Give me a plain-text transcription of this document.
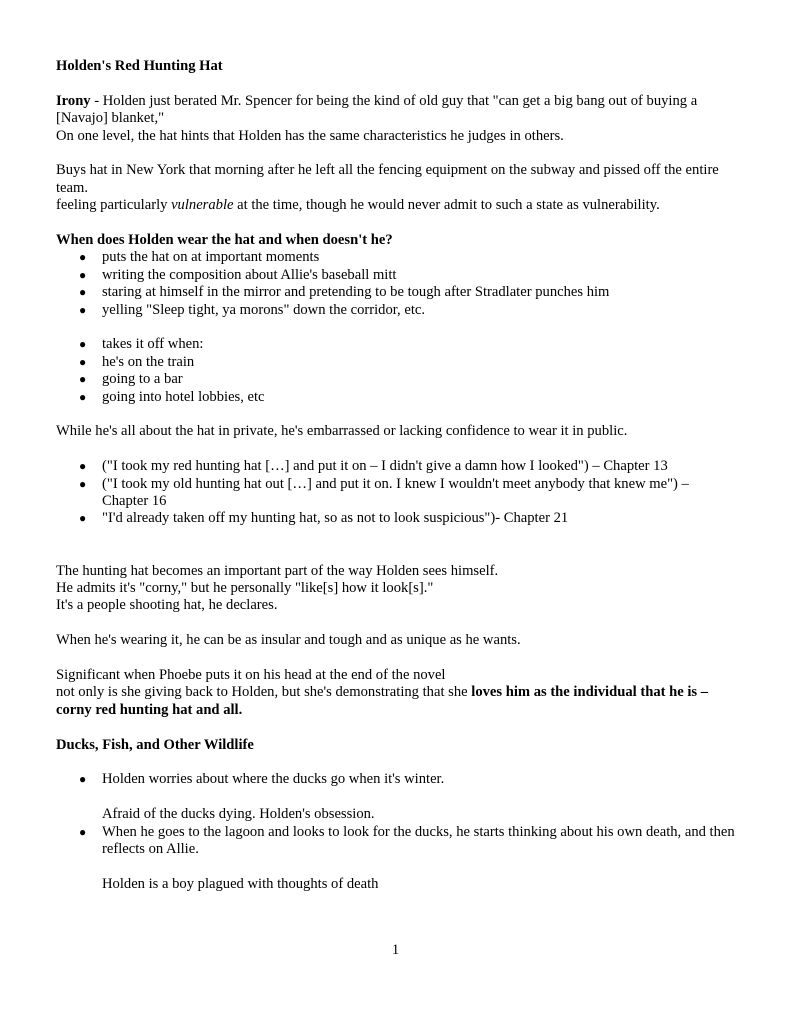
Holden's Red Hunting Hat

Irony - Holden just berated Mr. Spencer for being the kind of old guy that "can get a big bang out of buying a [Navajo] blanket,"

On one level, the hat hints that Holden has the same characteristics he judges in others.

Buys hat in New York that morning after he left all the fencing equipment on the subway and pissed off the entire team.

feeling particularly vulnerable at the time, though he would never admit to such a state as vulnerability.

When does Holden wear the hat and when doesn't he?

● puts the hat on at important moments
● writing the composition about Allie's baseball mitt
● staring at himself in the mirror and pretending to be tough after Stradlater punches him
● yelling "Sleep tight, ya morons" down the corridor, etc.
● takes it off when:
● he's on the train
● going to a bar
● going into hotel lobbies, etc

While he's all about the hat in private, he's embarrassed or lacking confidence to wear it in public.

● ("I took my red hunting hat […] and put it on – I didn't give a damn how I looked") – Chapter 13
● ("I took my old hunting hat out […] and put it on. I knew I wouldn't meet anybody that knew me") – Chapter 16
● "I'd already taken off my hunting hat, so as not to look suspicious")- Chapter 21

The hunting hat becomes an important part of the way Holden sees himself.

He admits it's "corny," but he personally "like[s] how it look[s]."

It's a people shooting hat, he declares.

When he's wearing it, he can be as insular and tough and as unique as he wants.

Significant when Phoebe puts it on his head at the end of the novel

not only is she giving back to Holden, but she's demonstrating that she loves him as the individual that he is – corny red hunting hat and all.

Ducks, Fish, and Other Wildlife

● Holden worries about where the ducks go when it's winter.

Afraid of the ducks dying. Holden's obsession.

● When he goes to the lagoon and looks to look for the ducks, he starts thinking about his own death, and then reflects on Allie.

Holden is a boy plagued with thoughts of death

1
